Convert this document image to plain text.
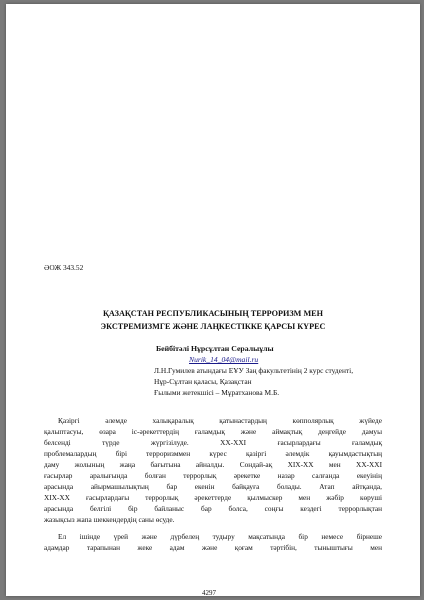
ӘОЖ 343.52
ҚАЗАҚСТАН РЕСПУБЛИКАСЫНЫҢ ТЕРРОРИЗМ МЕН
ЭКСТРЕМИЗМГЕ ЖӘНЕ ЛАҢКЕСТІККЕ ҚАРСЫ КҮРЕС
Бейбітәлі Нұрсұлтан Сералыұлы
Nurik_14_04@mail.ru
Л.Н.Гумилев атындағы ЕҰУ Заң факультетінің 2 курс студенті,
Нұр-Сұлтан қаласы, Қазақстан
Ғылыми жетекшісі – Мұратханова М.Б.
Қазіргі әлемде халықаралық қатынастардың көпполярлық жүйеде
қалыптасуы, өзара іс-әрекеттердің ғаламдық және аймақтық деңгейде дамуы
белсенді түрде жүргізілуде. XX-XXI ғасырлардағы ғаламдық
проблемалардың бірі терроризммен күрес қазіргі әлемдік қауымдастықтың
даму жолының жаңа бағытына айналды. Сондай-ақ XIX-XX мен XX-XXI
ғасырлар аралығында болған террорлық әрекетке назар салғанда екеуінің
арасында айырмашылықтың бар екенін байқауға болады. Атап айтқанда,
XIX-XX ғасырлардағы террорлық әрекеттерде қылмыскер мен жәбір көруші
арасында белгілі бір байланыс бар болса, соңғы кездегі террорлықтан
жазықсыз жапа шеккендердің саны өсуде.
Ел ішінде үрей және дүрбелең тудыру мақсатында бір немесе бірнеше
адамдар тарапынан жеке адам және қоғам тәртібін, тыныштығы мен
4297
